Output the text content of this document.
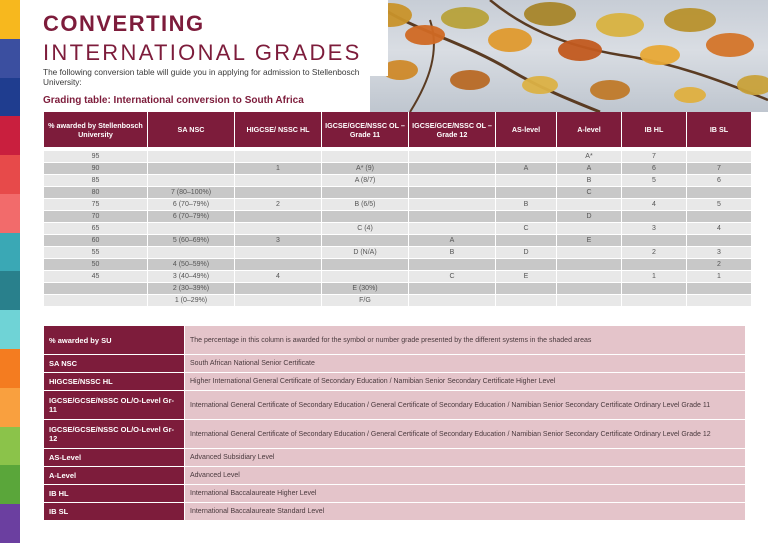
CONVERTING
INTERNATIONAL GRADES
The following conversion table will guide you in applying for admission to Stellenbosch University:
Grading table: International conversion to South Africa
% awarded by Stellenbosch University	SA NSC	HIGCSE/ NSSC HL	IGCSE/GCE/NSSC OL – Grade 11	IGCSE/GCE/NSSC OL – Grade 12	AS-level	A-level	IB HL	IB SL

95						A*	7	
90		1	A* (9)		A	A	6	7
85			A (8/7)			B	5	6
80	7 (80–100%)					C		
75	6 (70–79%)	2	B (6/5)		B		4	5
70	6 (70–79%)					D		
65			C (4)		C		3	4
60	5 (60–69%)	3		A		E		
55			D (N/A)	B	D		2	3
50	4 (50–59%)							2
45	3 (40–49%)	4		C	E		1	1
	2 (30–39%)		E (30%)					
	1 (0–29%)		F/G					
% awarded by SU	The percentage in this column is awarded for the symbol or number grade presented by the different systems in the shaded areas
SA NSC	South African National Senior Certificate
HIGCSE/NSSC HL	Higher International General Certificate of Secondary Education / Namibian Senior Secondary Certificate Higher Level
IGCSE/GCSE/NSSC OL/O-Level Gr-11	International General Certificate of Secondary Education / General Certificate of Secondary Education / Namibian Senior Secondary Certificate Ordinary Level Grade 11
IGCSE/GCSE/NSSC OL/O-Level Gr-12	International General Certificate of Secondary Education / General Certificate of Secondary Education / Namibian Senior Secondary Certificate Ordinary Level Grade 12
AS-Level	Advanced Subsidiary Level
A-Level	Advanced Level
IB HL	International Baccalaureate Higher Level
IB SL	International Baccalaureate Standard Level
